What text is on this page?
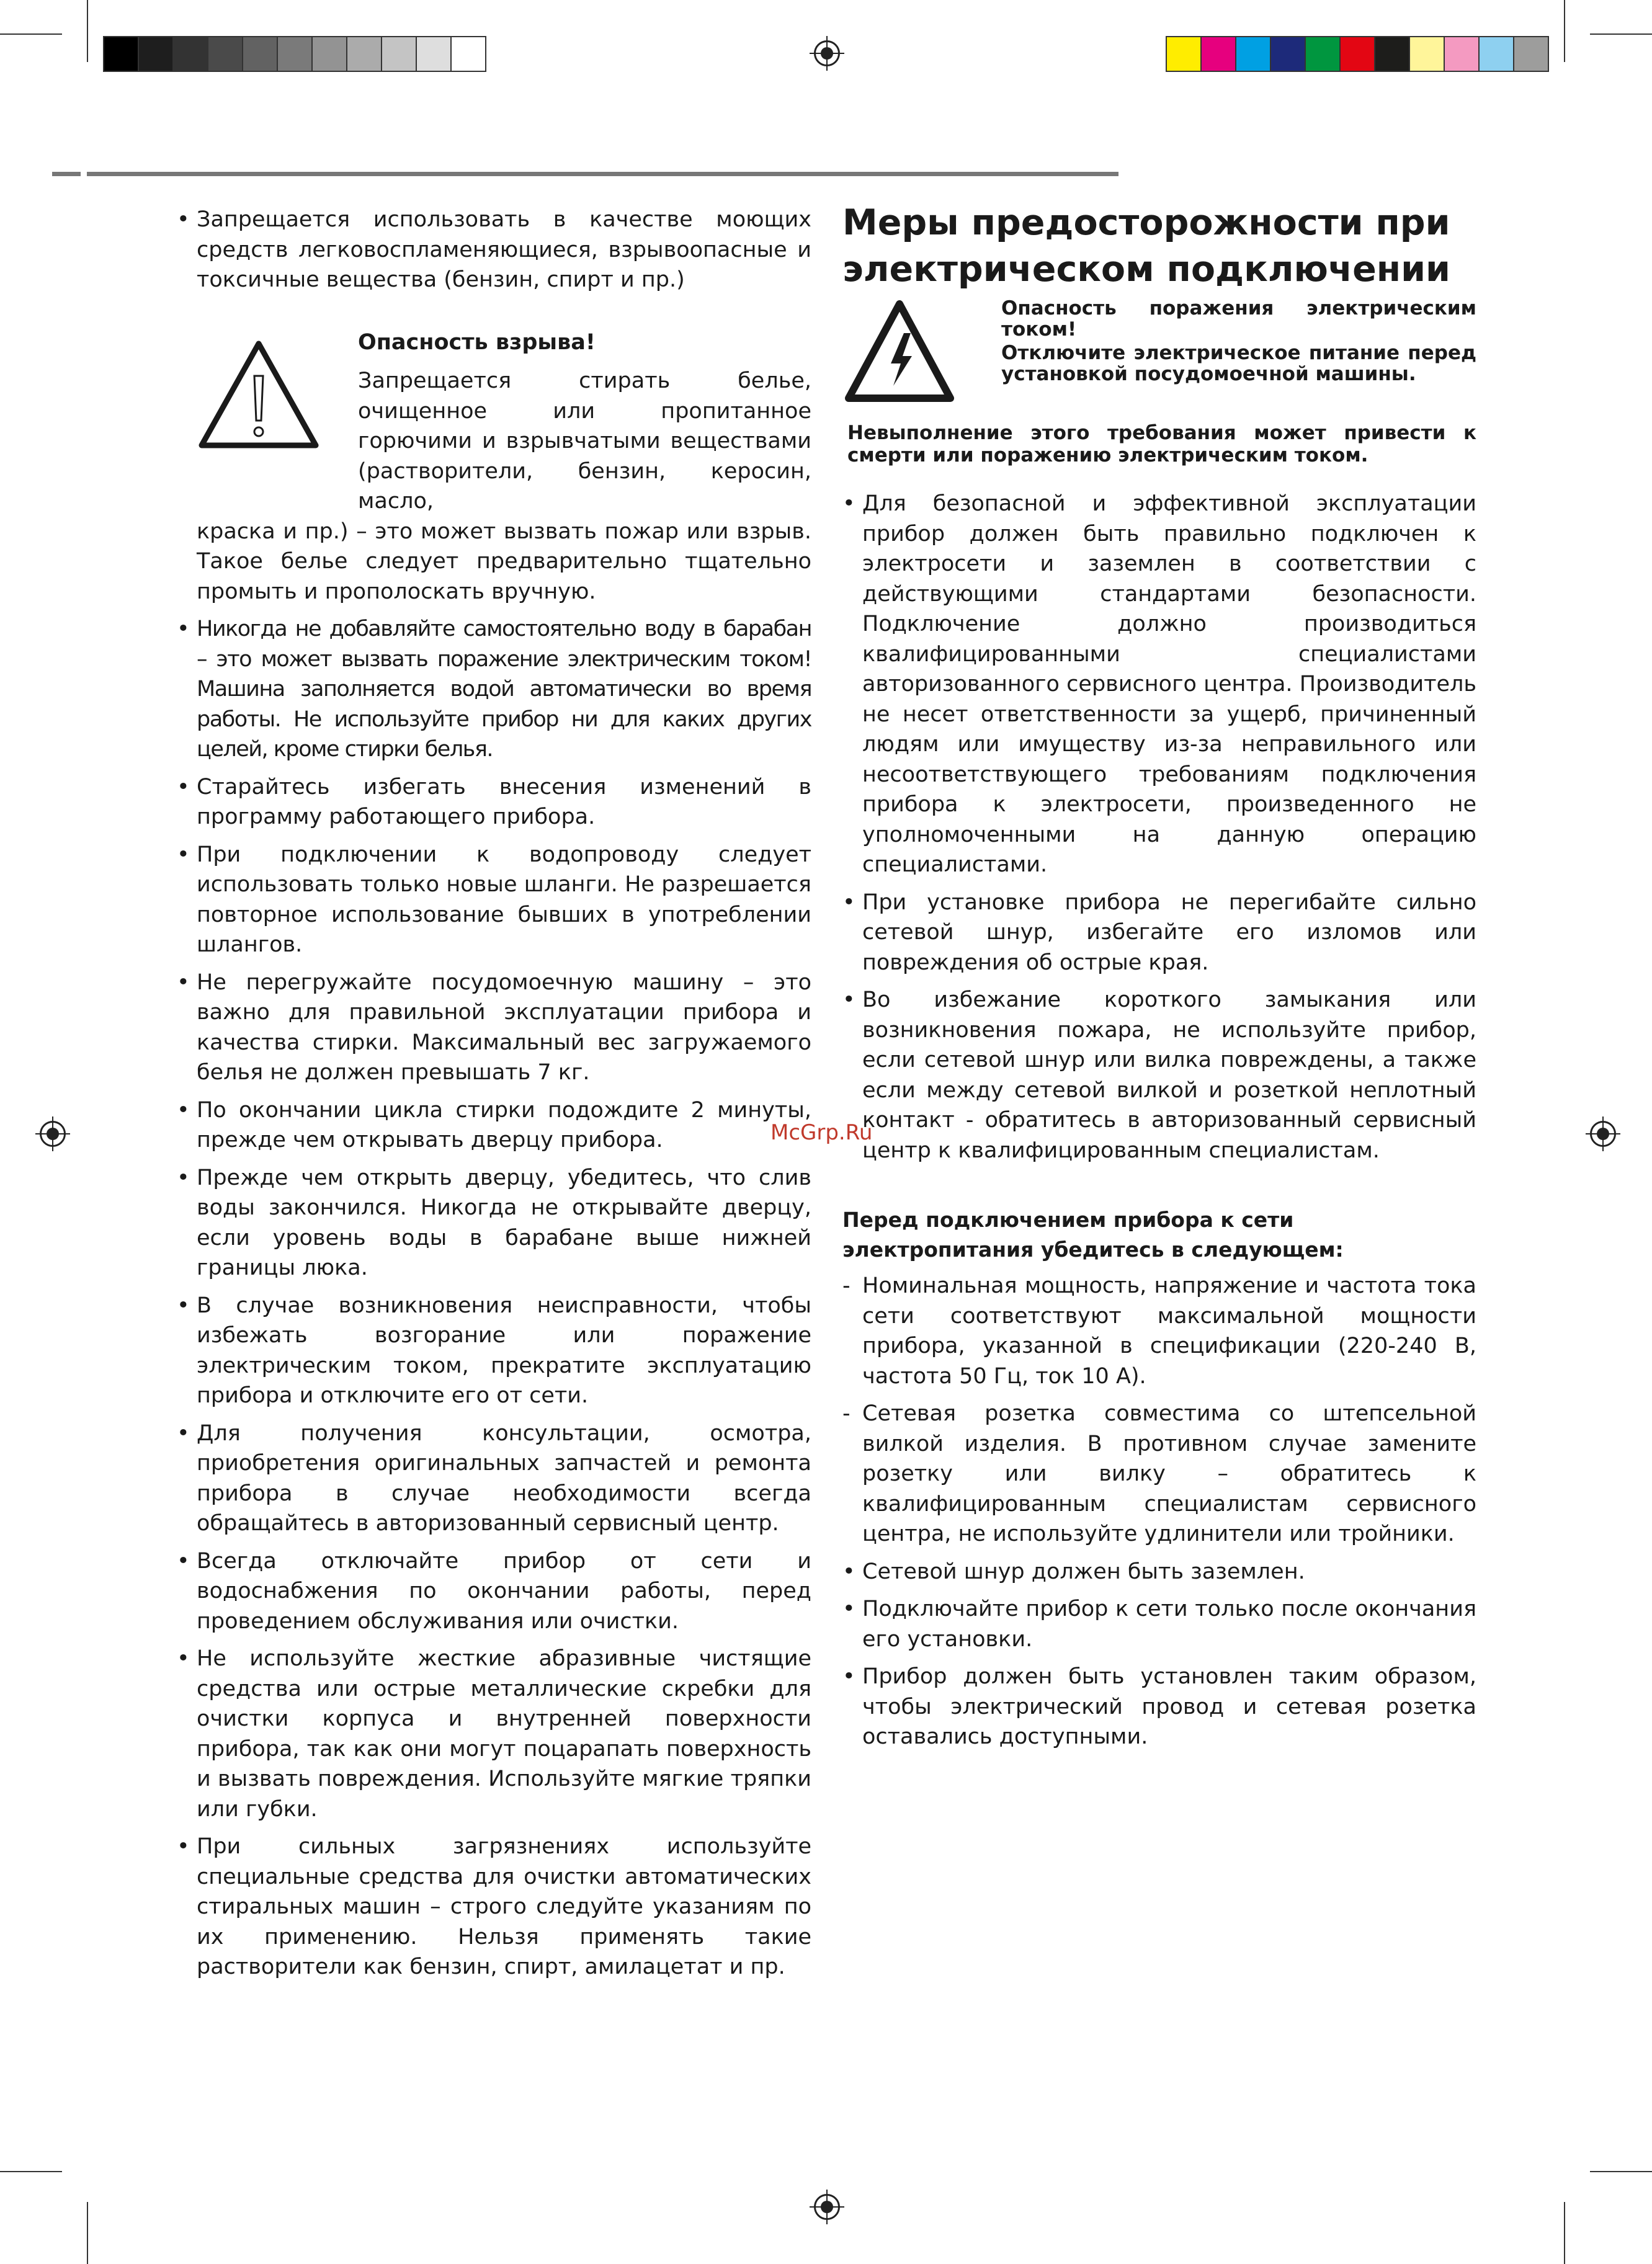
• Запрещается использовать в качестве моющих средств легковоспламеняющиеся, взрывоопасные и токсичные вещества (бензин, спирт и пр.)

Опасность взрыва!

Запрещается стирать белье,

очищенное или пропитанное

горючими и взрывчатыми веществами

(растворители, бензин, керосин, масло,

краска и пр.) – это может вызвать пожар или взрыв. Такое белье следует предварительно тщательно промыть и прополоскать вручную.

• Никогда не добавляйте самостоятельно воду в барабан – это может вызвать поражение электрическим током! Машина заполняется водой автоматически во время работы. Не используйте прибор ни для каких других целей, кроме стирки белья.

• Старайтесь избегать внесения изменений в программу работающего прибора.

• При подключении к водопроводу следует использовать только новые шланги. Не разрешается повторное использование бывших в употреблении шлангов.

• Не перегружайте посудомоечную машину – это важно для правильной эксплуатации прибора и качества стирки. Максимальный вес загружаемого белья не должен превышать 7 кг.

• По окончании цикла стирки подождите 2 минуты, прежде чем открывать дверцу прибора.

• Прежде чем открыть дверцу, убедитесь, что слив воды закончился. Никогда не открывайте дверцу, если уровень воды в барабане выше нижней границы люка.

• В случае возникновения неисправности, чтобы избежать возгорание или поражение электрическим током, прекратите эксплуатацию прибора и отключите его от сети.

• Для получения консультации, осмотра, приобретения оригинальных запчастей и ремонта прибора в случае необходимости всегда обращайтесь в авторизованный сервисный центр.

• Всегда отключайте прибор от сети и водоснабжения по окончании работы, перед проведением обслуживания или очистки.

• Не используйте жесткие абразивные чистящие средства или острые металлические скребки для очистки корпуса и внутренней поверхности прибора, так как они могут поцарапать поверхность и вызвать повреждения. Используйте мягкие тряпки или губки.

• При сильных загрязнениях используйте специальные средства для очистки автоматических стиральных машин – строго следуйте указаниям по их применению. Нельзя применять такие растворители как бензин, спирт, амилацетат и пр.

Меры предосторожности при
электрическом подключении

Опасность поражения электрическим током!

Отключите электрическое питание перед установкой посудомоечной машины.

Невыполнение этого требования может привести к смерти или поражению электрическим током.

• Для безопасной и эффективной эксплуатации прибор должен быть правильно подключен к электросети и заземлен в соответствии с действующими стандартами безопасности. Подключение должно производиться квалифицированными специалистами авторизованного сервисного центра. Производитель не несет ответственности за ущерб, причиненный людям или имуществу из-за неправильного или несоответствующего требованиям подключения прибора к электросети, произведенного не уполномоченными на данную операцию специалистами.

• При установке прибора не перегибайте сильно сетевой шнур, избегайте его изломов или повреждения об острые края.

• Во избежание короткого замыкания или возникновения пожара, не используйте прибор, если сетевой шнур или вилка повреждены, а также если между сетевой вилкой и розеткой неплотный контакт - обратитесь в авторизованный сервисный центр к квалифицированным специалистам.

Перед подключением прибора к сети электропитания убедитесь в следующем:

- Номинальная мощность, напряжение и частота тока сети соответствуют максимальной мощности прибора, указанной в спецификации (220-240 В, частота 50 Гц, ток 10 А).

- Сетевая розетка совместима со штепсельной вилкой изделия. В противном случае замените розетку или вилку – обратитесь к квалифицированным специалистам сервисного центра, не используйте удлинители или тройники.

• Сетевой шнур должен быть заземлен.

• Подключайте прибор к сети только после окончания его установки.

• Прибор должен быть установлен таким образом, чтобы электрический провод и сетевая розетка оставались доступными.

McGrp.Ru
